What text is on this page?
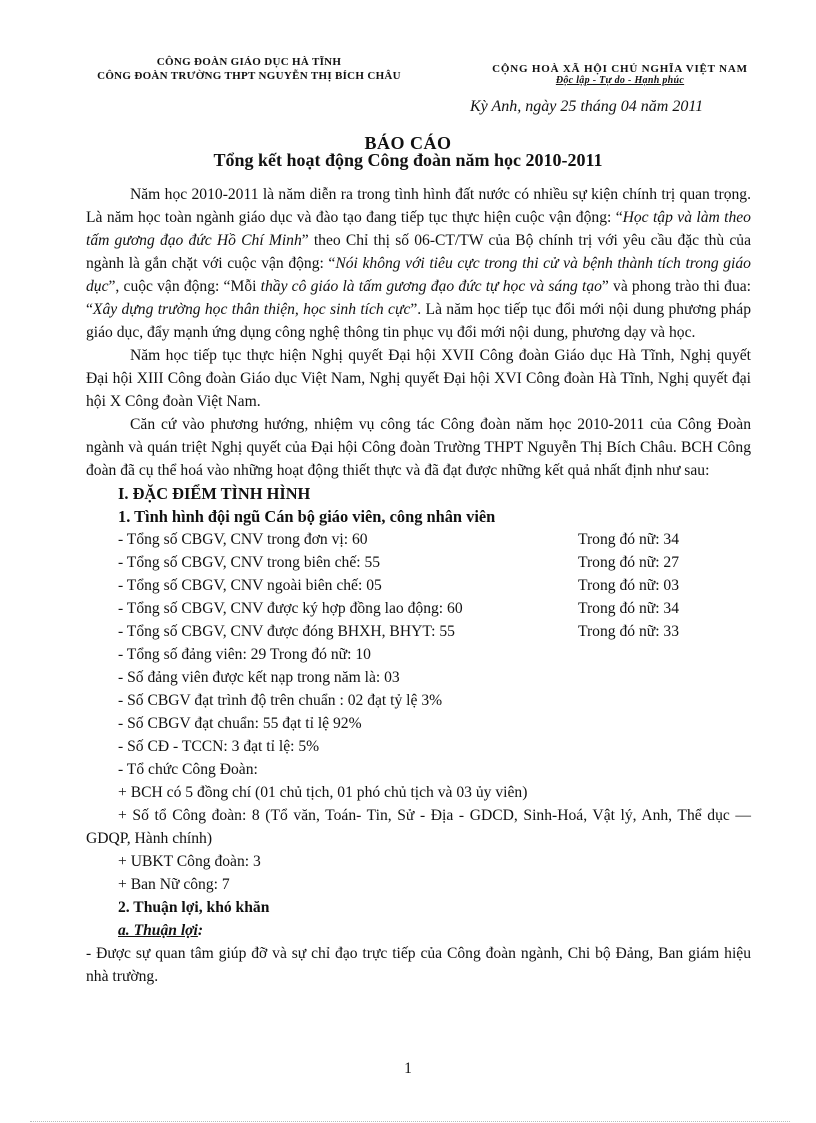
CÔNG ĐOÀN GIÁO DỤC HÀ TĨNH
CÔNG ĐOÀN TRƯỜNG THPT NGUYỄN THỊ BÍCH CHÂU
CỘNG HOÀ XÃ HỘI CHỦ NGHĨA VIỆT NAM
Độc lập - Tự do - Hạnh phúc
Kỳ Anh, ngày 25 tháng 04 năm 2011
BÁO CÁO
Tổng kết hoạt động Công đoàn năm học 2010-2011

Năm học 2010-2011 là năm diễn ra trong tình hình đất nước có nhiều sự kiện chính trị quan trọng. Là năm học toàn ngành giáo dục và đào tạo đang tiếp tục thực hiện cuộc vận động: “Học tập và làm theo tấm gương đạo đức Hồ Chí Minh” theo Chỉ thị số 06-CT/TW của Bộ chính trị với yêu cầu đặc thù của ngành là gắn chặt với cuộc vận động: “Nói không với tiêu cực trong thi cử và bệnh thành tích trong giáo dục”, cuộc vận động: “Mỗi thầy cô giáo là tấm gương đạo đức tự học và sáng tạo” và phong trào thi đua: “Xây dựng trường học thân thiện, học sinh tích cực”. Là năm học tiếp tục đổi mới nội dung phương pháp giáo dục, đẩy mạnh ứng dụng công nghệ thông tin phục vụ đổi mới nội dung, phương dạy và học.

Năm học tiếp tục thực hiện Nghị quyết Đại hội XVII Công đoàn Giáo dục Hà Tĩnh, Nghị quyết Đại hội XIII Công đoàn Giáo dục Việt Nam, Nghị quyết Đại hội XVI Công đoàn Hà Tĩnh, Nghị quyết đại hội X Công đoàn Việt Nam.

Căn cứ vào phương hướng, nhiệm vụ công tác Công đoàn năm học 2010-2011 của Công Đoàn ngành và quán triệt Nghị quyết của Đại hội Công đoàn Trường THPT Nguyễn Thị Bích Châu. BCH Công đoàn đã cụ thể hoá vào những hoạt động thiết thực và đã đạt được những kết quả nhất định như sau:

I. ĐẶC ĐIỂM TÌNH HÌNH
1. Tình hình đội ngũ Cán bộ giáo viên, công nhân viên
- Tổng số CBGV, CNV trong đơn vị: 60	Trong đó nữ: 34
- Tổng số CBGV, CNV trong biên chế: 55	Trong đó nữ: 27
- Tổng số CBGV, CNV ngoài biên chế: 05	Trong đó nữ: 03
- Tổng số CBGV, CNV được ký hợp đồng lao động: 60	Trong đó nữ: 34
- Tổng số CBGV, CNV được đóng BHXH, BHYT: 55	Trong đó nữ: 33
- Tổng số đảng viên: 29 Trong đó nữ: 10
- Số đảng viên được kết nạp trong năm là: 03
- Số CBGV đạt trình độ trên chuẩn : 02 đạt tỷ lệ 3%
- Số CBGV đạt chuẩn: 55 đạt tỉ lệ 92%
- Số CĐ - TCCN: 3 đạt tỉ lệ: 5%
- Tổ chức Công Đoàn:
+ BCH có 5 đồng chí (01 chủ tịch, 01 phó chủ tịch và 03 ủy viên)

+ Số tổ Công đoàn: 8 (Tổ văn, Toán- Tin, Sử - Địa - GDCD, Sinh-Hoá, Vật lý, Anh, Thể dục — GDQP, Hành chính)

+ UBKT Công đoàn: 3
+ Ban Nữ công: 7
2. Thuận lợi, khó khăn
a. Thuận lợi:

- Được sự quan tâm giúp đỡ và sự chỉ đạo trực tiếp của Công đoàn ngành, Chi bộ Đảng, Ban giám hiệu nhà trường.

1
